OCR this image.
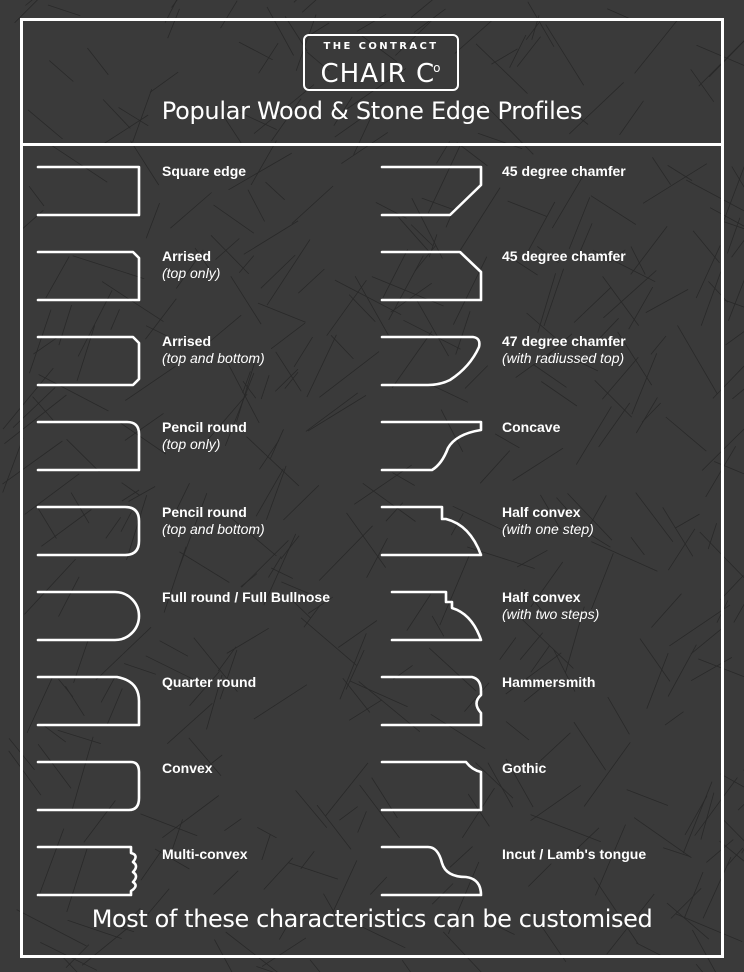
THE CONTRACT
CHAIR $C^o$
Popular Wood & Stone Edge Profiles
Square edge
Arrised
(top only)
Arrised
(top and bottom)
Pencil round
(top only)
Pencil round
(top and bottom)
Full round / Full Bullnose
Quarter round
Convex
Multi-convex
45 degree chamfer
45 degree chamfer
47 degree chamfer
(with radiussed top)
Concave
Half convex
(with one step)
Half convex
(with two steps)
Hammersmith
Gothic
Incut / Lamb's tongue
Most of these characteristics can be customised
